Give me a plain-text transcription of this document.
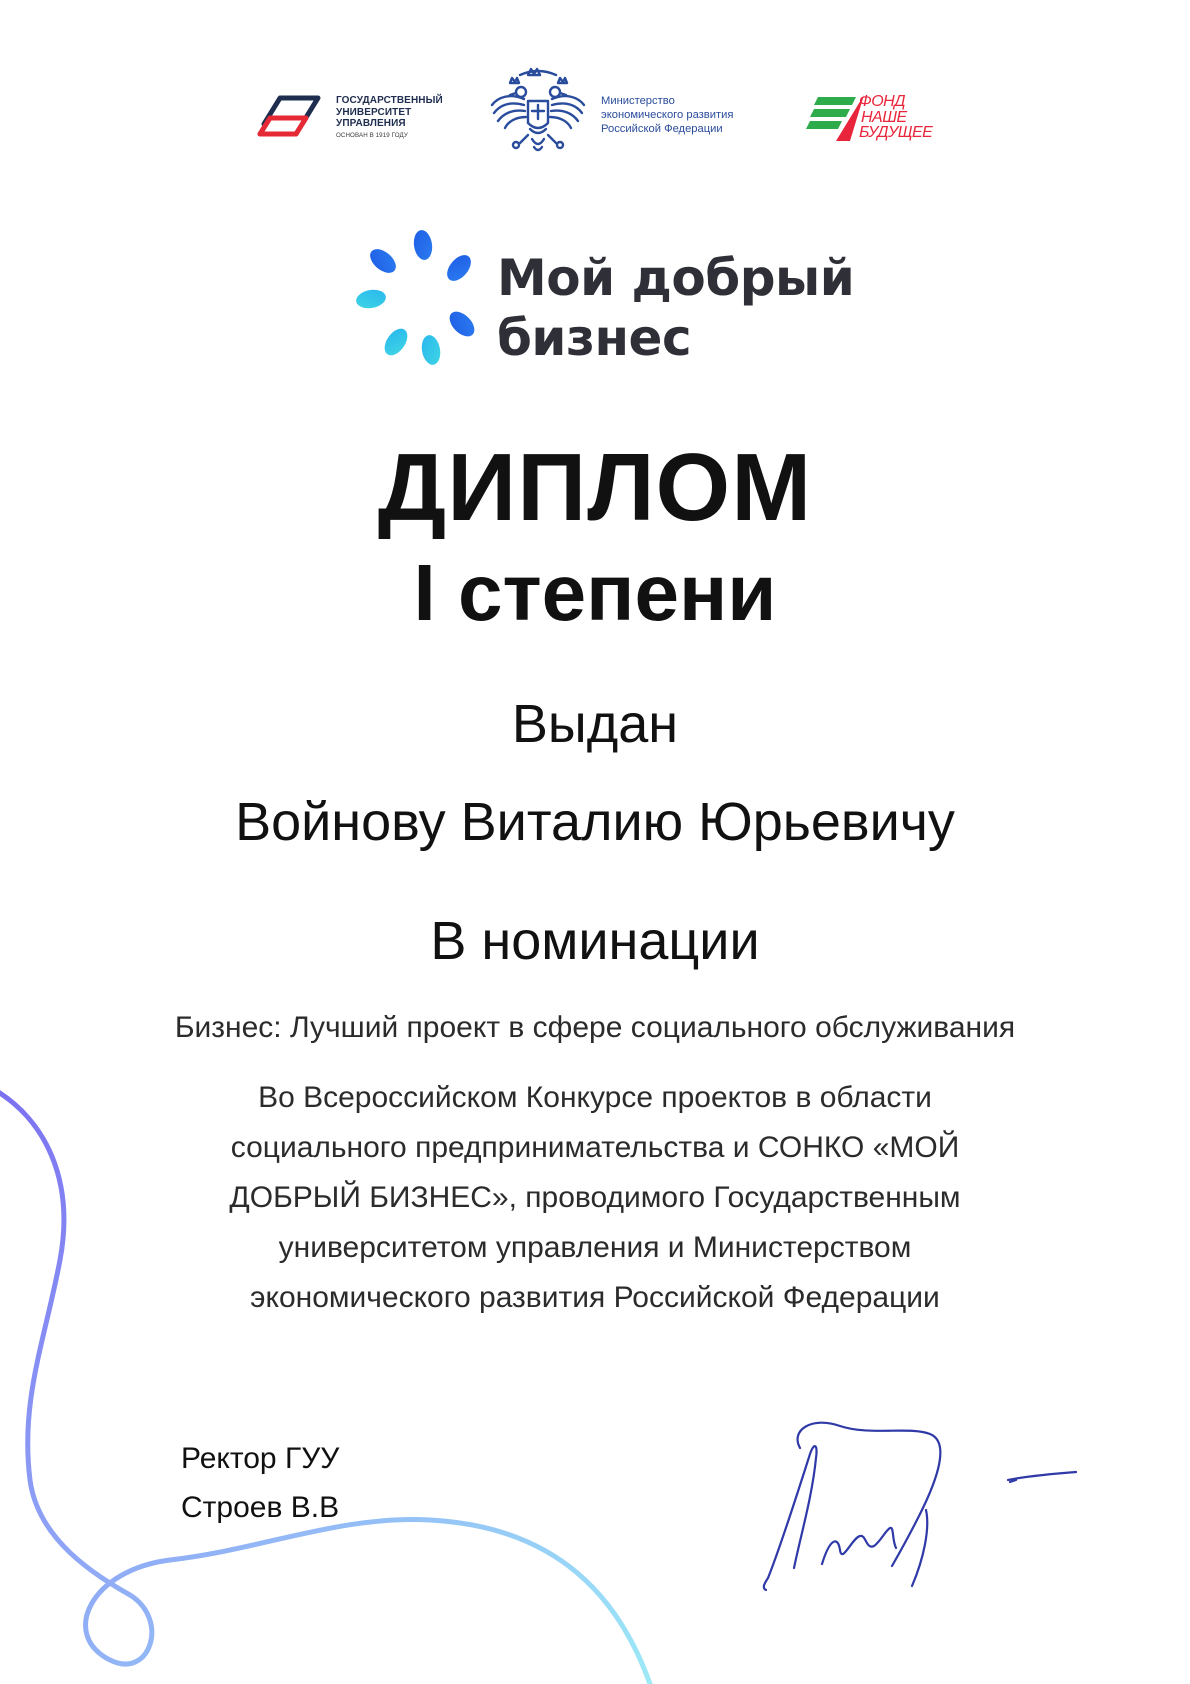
ГОСУДАРСТВЕННЫЙ
УНИВЕРСИТЕТ
УПРАВЛЕНИЯ
ОСНОВАН В 1919 ГОДУ
Министерство
экономического развития
Российской Федерации
ФОНД
НАШЕ
БУДУЩЕЕ
Мой добрый
бизнес
ДИПЛОМ
I степени
Выдан
Войнову Виталию Юрьевичу
В номинации
Бизнес: Лучший проект в сфере социального обслуживания
Во Всероссийском Конкурсе проектов в области
социального предпринимательства и СОНКО «МОЙ
ДОБРЫЙ БИЗНЕС», проводимого Государственным
университетом управления и Министерством
экономического развития Российской Федерации
Ректор ГУУ
Строев В.В
